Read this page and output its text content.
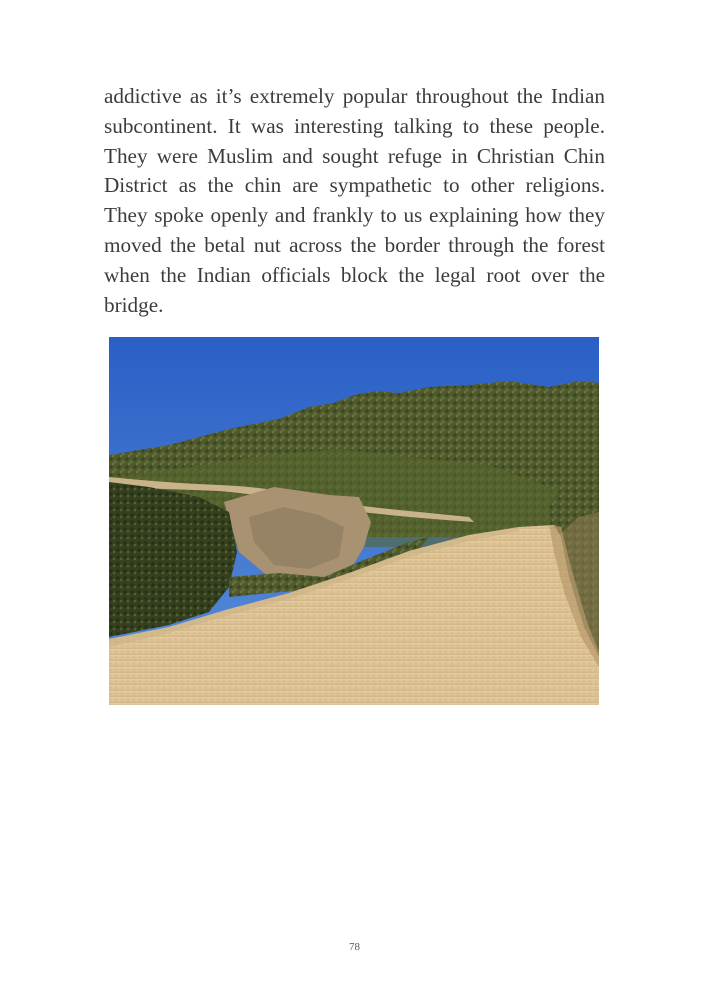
addictive as it’s extremely popular throughout the Indian subcontinent. It was interesting talking to these people. They were Muslim and sought refuge in Christian Chin District as the chin are sympathetic to other religions. They spoke openly and frankly to us explaining how they moved the betal nut across the border through the forest when the Indian officials block the legal root over the bridge.

78
